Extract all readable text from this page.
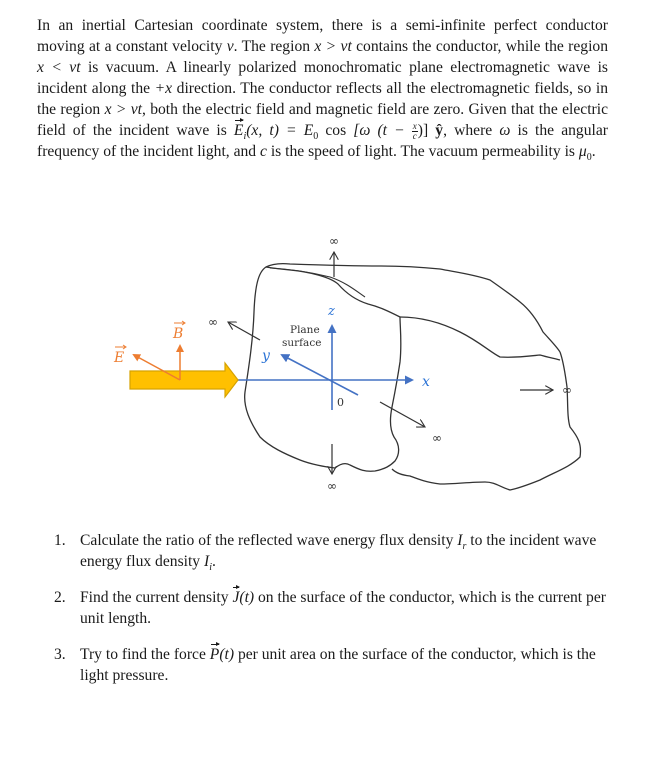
In an inertial Cartesian coordinate system, there is a semi-infinite perfect conductor moving at a constant velocity v. The region x > vt contains the conductor, while the region x < vt is vacuum. A linearly polarized monochromatic plane electromagnetic wave is incident along the +x direction. The conductor reflects all the electromagnetic fields, so in the region x > vt, both the electric field and magnetic field are zero. Given that the electric field of the incident wave is $E_i(x$, $t) = E_0$ cos [ω ($t - \frac{x}{c}$ )] ŷ, where ω is the angular frequency of the incident light, and c is the speed of light. The vacuum permeability is $\mu_0$.
∞
∞
∞
∞
∞
x
z
y
0
Plane
surface
B
E
1. Calculate the ratio of the reflected wave energy flux density $I_r$ to the incident wave energy flux density $I_i$.
2. Find the current density J(t) on the surface of the conductor, which is the current per unit length.
3. Try to find the force P(t) per unit area on the surface of the conductor, which is the light pressure.
